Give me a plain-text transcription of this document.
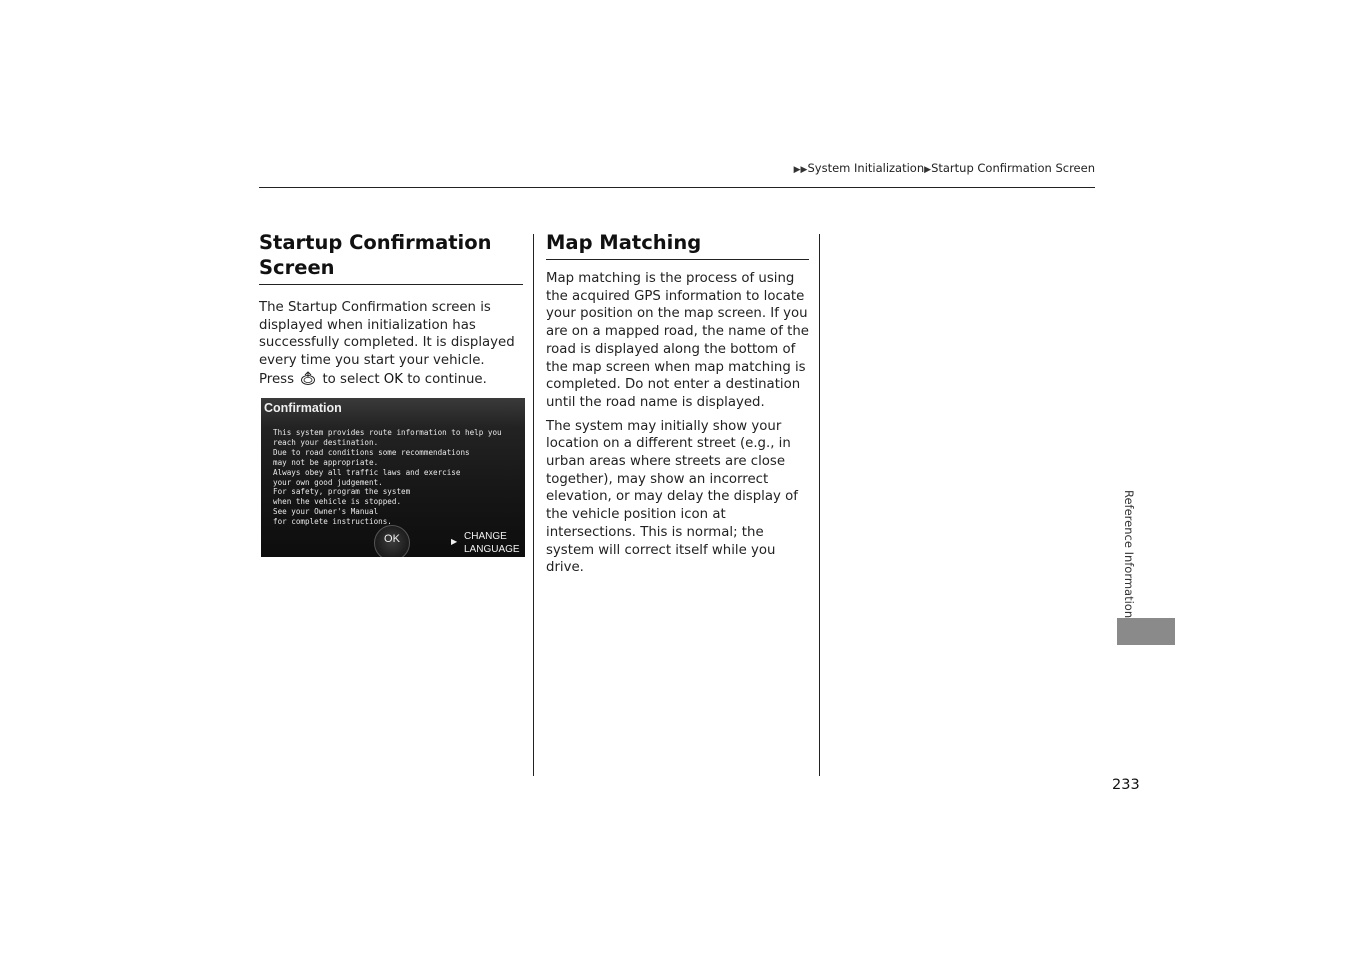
▶▶System Initialization▶Startup Confirmation Screen
Startup Confirmation Screen

The Startup Confirmation screen is displayed when initialization has successfully completed. It is displayed every time you start your vehicle. Press to select OK to continue.

Confirmation
This system provides route information to help you
reach your destination.
Due to road conditions some recommendations
may not be appropriate.
Always obey all traffic laws and exercise
your own good judgement.
For safety, program the system
when the vehicle is stopped.
See your Owner's Manual
for complete instructions.
OK	▶ CHANGE
LANGUAGE
Map Matching

Map matching is the process of using the acquired GPS information to locate your position on the map screen. If you are on a mapped road, the name of the road is displayed along the bottom of the map screen when map matching is completed. Do not enter a destination until the road name is displayed.

The system may initially show your location on a different street (e.g., in urban areas where streets are close together), may show an incorrect elevation, or may delay the display of the vehicle position icon at intersections. This is normal; the system will correct itself while you drive.	Reference Information
233
